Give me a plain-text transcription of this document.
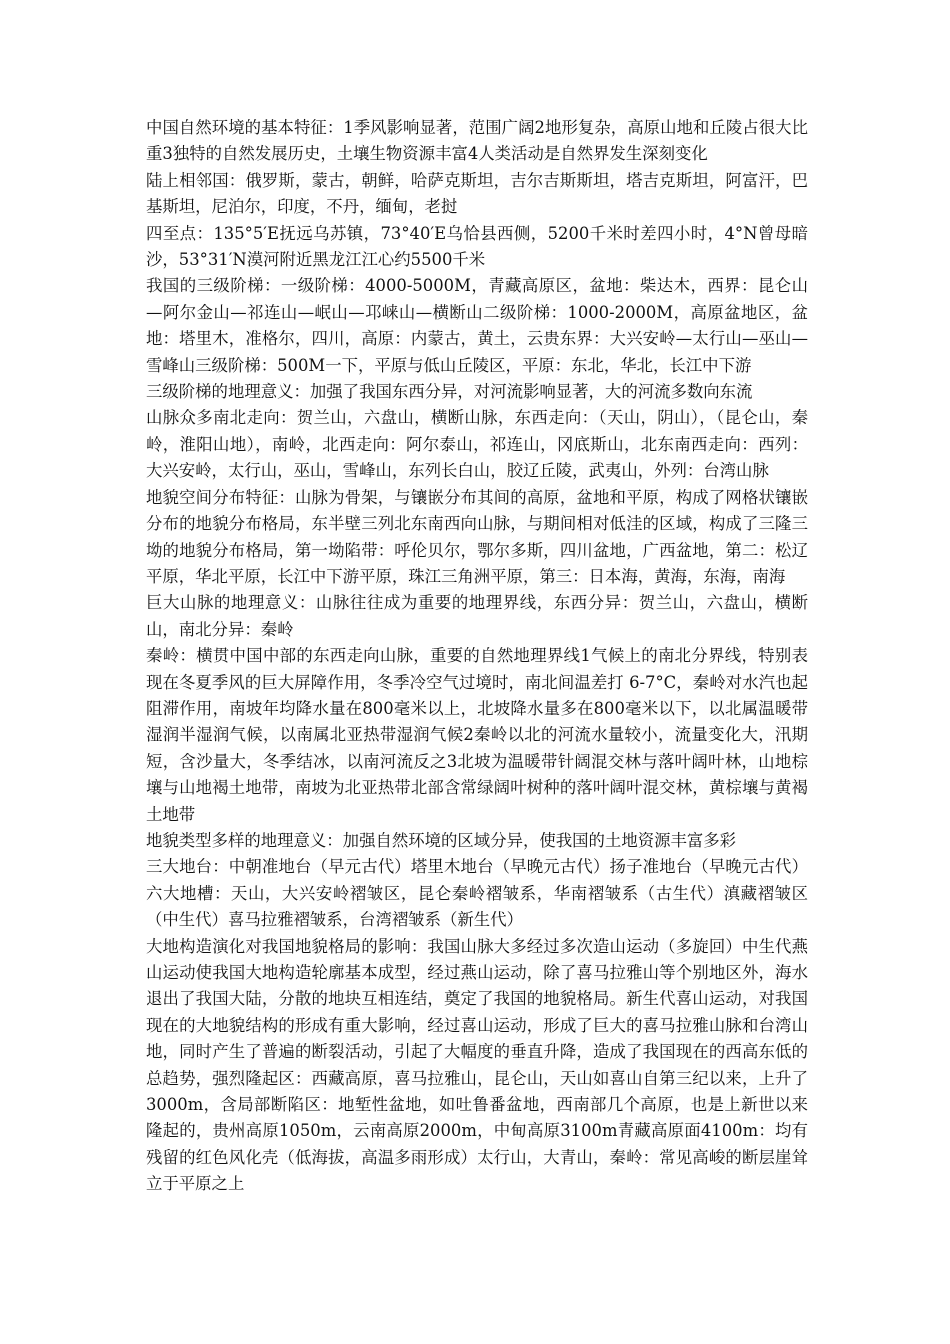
中国自然环境的基本特征：1季风影响显著，范围广阔2地形复杂，高原山地和丘陵占很大比重3独特的自然发展历史，土壤生物资源丰富4人类活动是自然界发生深刻变化

陆上相邻国：俄罗斯，蒙古，朝鲜，哈萨克斯坦，吉尔吉斯斯坦，塔吉克斯坦，阿富汗，巴基斯坦，尼泊尔，印度，不丹，缅甸，老挝

四至点：135°5′E抚远乌苏镇，73°40′E乌恰县西侧，5200千米时差四小时，4°N曾母暗沙，53°31′N漠河附近黑龙江江心约5500千米

我国的三级阶梯：一级阶梯：4000-5000M，青藏高原区，盆地：柴达木，西界：昆仑山—阿尔金山—祁连山—岷山—邛崃山—横断山二级阶梯：1000-2000M，高原盆地区，盆地：塔里木，准格尔，四川，高原：内蒙古，黄土，云贵东界：大兴安岭—太行山—巫山—雪峰山三级阶梯：500M一下，平原与低山丘陵区，平原：东北，华北，长江中下游

三级阶梯的地理意义：加强了我国东西分异，对河流影响显著，大的河流多数向东流

山脉众多南北走向：贺兰山，六盘山，横断山脉，东西走向：（天山，阴山），（昆仑山，秦岭，淮阳山地），南岭，北西走向：阿尔泰山，祁连山，冈底斯山，北东南西走向：西列：大兴安岭，太行山，巫山，雪峰山，东列长白山，胶辽丘陵，武夷山，外列：台湾山脉

地貌空间分布特征：山脉为骨架，与镶嵌分布其间的高原，盆地和平原，构成了网格状镶嵌分布的地貌分布格局，东半壁三列北东南西向山脉，与期间相对低洼的区域，构成了三隆三坳的地貌分布格局，第一坳陷带：呼伦贝尔，鄂尔多斯，四川盆地，广西盆地，第二：松辽平原，华北平原，长江中下游平原，珠江三角洲平原，第三：日本海，黄海，东海，南海

巨大山脉的地理意义：山脉往往成为重要的地理界线，东西分异：贺兰山，六盘山，横断山，南北分异：秦岭

秦岭：横贯中国中部的东西走向山脉，重要的自然地理界线1气候上的南北分界线，特别表现在冬夏季风的巨大屏障作用，冬季冷空气过境时，南北间温差打 6-7°C，秦岭对水汽也起阻滞作用，南坡年均降水量在800毫米以上，北坡降水量多在800毫米以下，以北属温暖带湿润半湿润气候，以南属北亚热带湿润气候2秦岭以北的河流水量较小，流量变化大，汛期短，含沙量大，冬季结冰，以南河流反之3北坡为温暖带针阔混交林与落叶阔叶林，山地棕壤与山地褐土地带，南坡为北亚热带北部含常绿阔叶树种的落叶阔叶混交林，黄棕壤与黄褐土地带

地貌类型多样的地理意义：加强自然环境的区域分异，使我国的土地资源丰富多彩

三大地台：中朝准地台（早元古代）塔里木地台（早晚元古代）扬子准地台（早晚元古代）六大地槽：天山，大兴安岭褶皱区，昆仑秦岭褶皱系，华南褶皱系（古生代）滇藏褶皱区（中生代）喜马拉雅褶皱系，台湾褶皱系（新生代）

大地构造演化对我国地貌格局的影响：我国山脉大多经过多次造山运动（多旋回）中生代燕山运动使我国大地构造轮廓基本成型，经过燕山运动，除了喜马拉雅山等个别地区外，海水退出了我国大陆，分散的地块互相连结，奠定了我国的地貌格局。新生代喜山运动，对我国现在的大地貌结构的形成有重大影响，经过喜山运动，形成了巨大的喜马拉雅山脉和台湾山地，同时产生了普遍的断裂活动，引起了大幅度的垂直升降，造成了我国现在的西高东低的总趋势，强烈隆起区：西藏高原，喜马拉雅山，昆仑山，天山如喜山自第三纪以来，上升了 3000m，含局部断陷区：地堑性盆地，如吐鲁番盆地，西南部几个高原，也是上新世以来隆起的，贵州高原1050m，云南高原2000m，中甸高原3100m青藏高原面4100m：均有残留的红色风化壳（低海拔，高温多雨形成）太行山，大青山，秦岭：常见高峻的断层崖耸立于平原之上
